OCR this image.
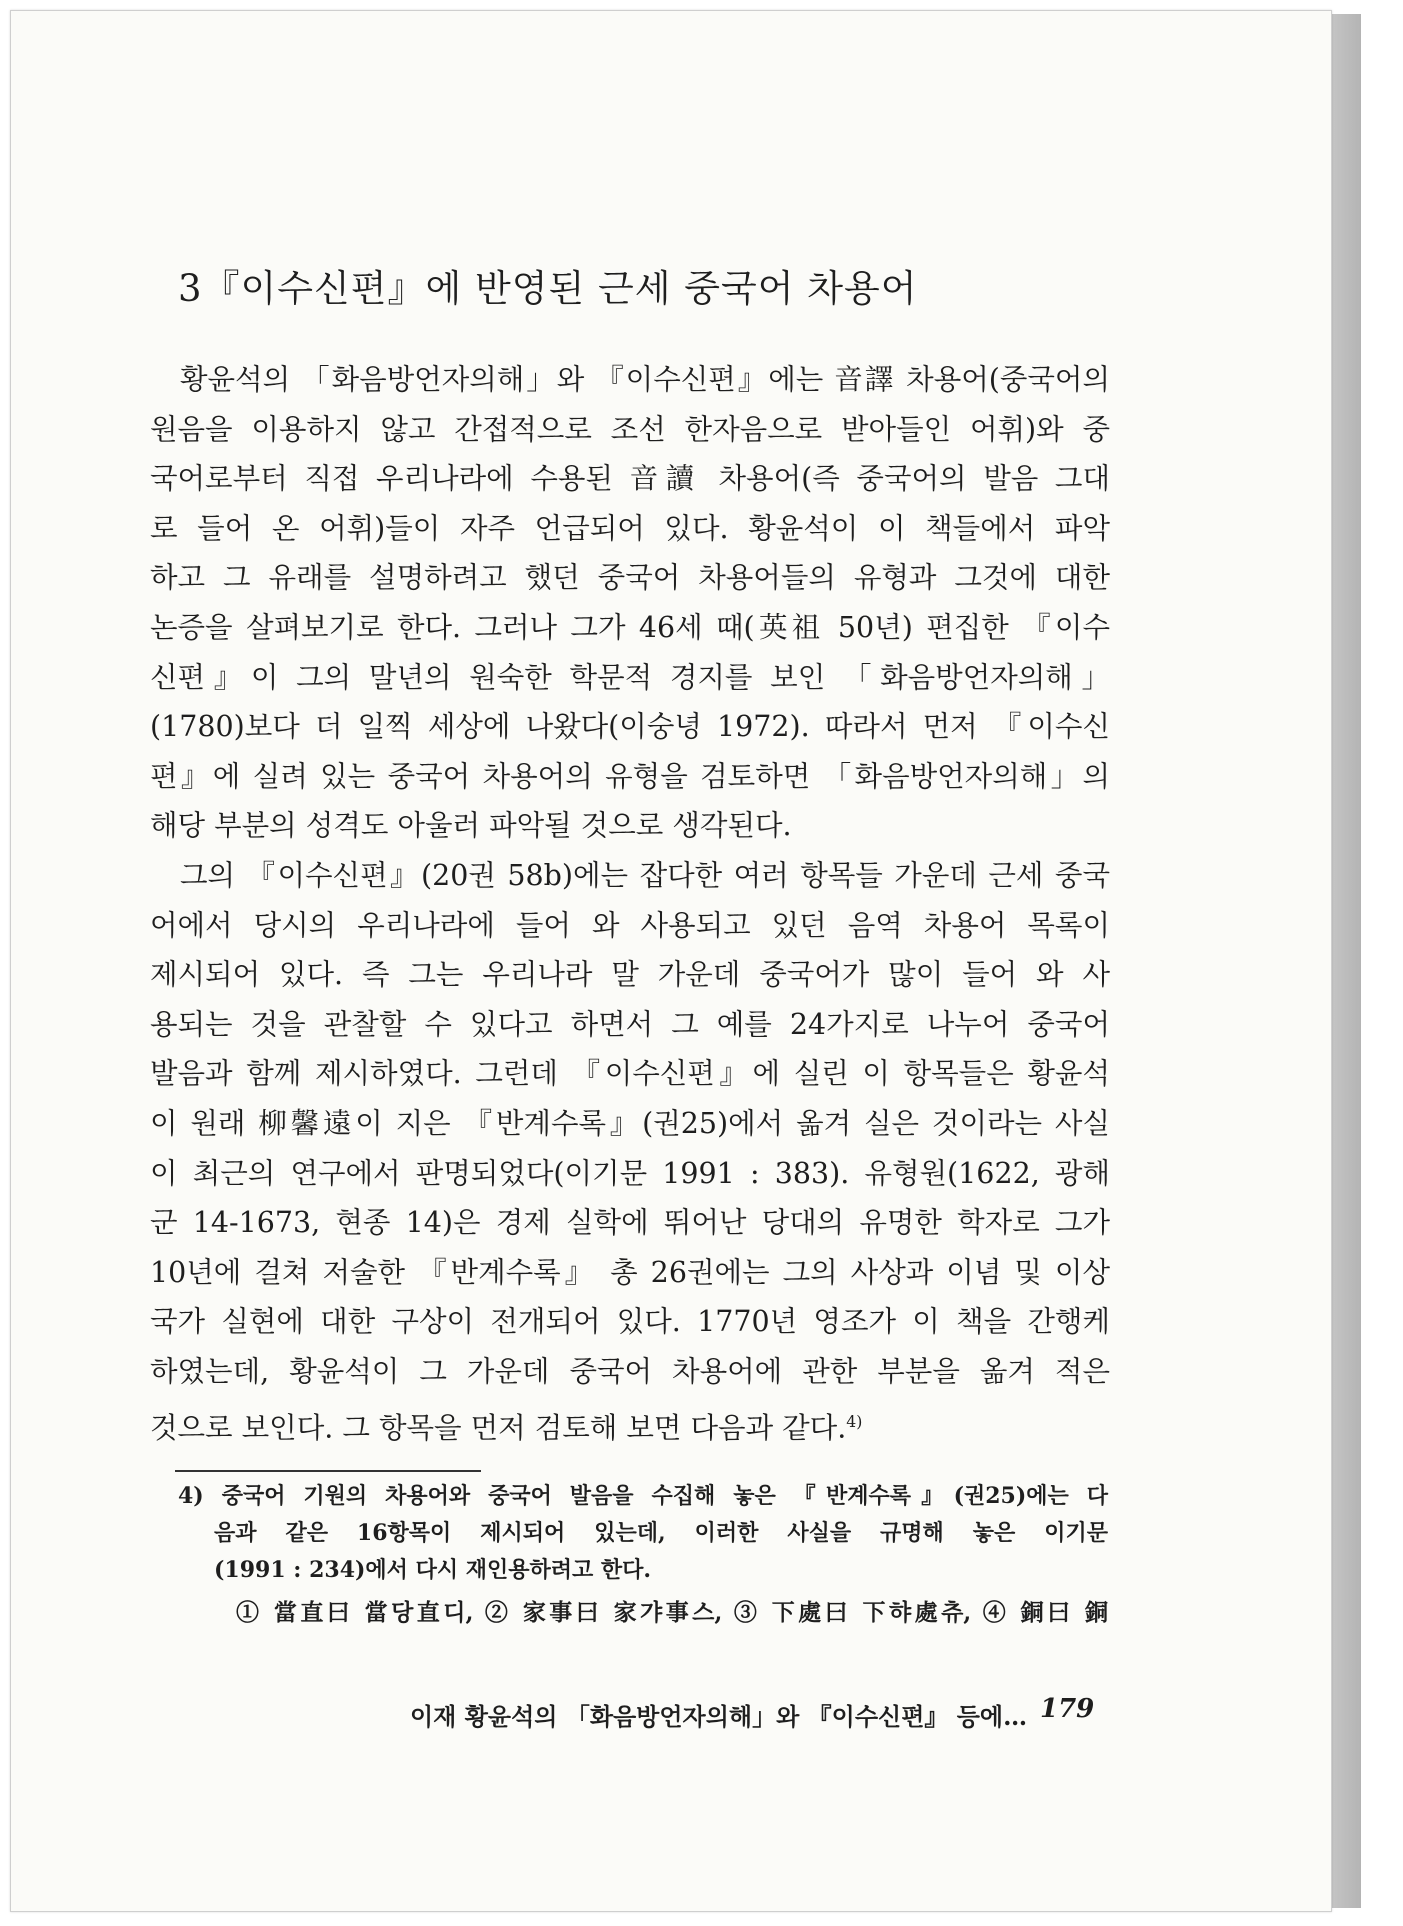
3『이수신편』에 반영된 근세 중국어 차용어
황윤석의 「화음방언자의해」와 『이수신편』에는 音譯 차용어(중국어의
원음을 이용하지 않고 간접적으로 조선 한자음으로 받아들인 어휘)와 중
국어로부터 직접 우리나라에 수용된 音讀 차용어(즉 중국어의 발음 그대
로 들어 온 어휘)들이 자주 언급되어 있다. 황윤석이 이 책들에서 파악
하고 그 유래를 설명하려고 했던 중국어 차용어들의 유형과 그것에 대한
논증을 살펴보기로 한다. 그러나 그가 46세 때(英祖 50년) 편집한 『이수
신편』이 그의 말년의 원숙한 학문적 경지를 보인 「화음방언자의해」
(1780)보다 더 일찍 세상에 나왔다(이숭녕 1972). 따라서 먼저 『이수신
편』에 실려 있는 중국어 차용어의 유형을 검토하면 「화음방언자의해」의
해당 부분의 성격도 아울러 파악될 것으로 생각된다.
그의 『이수신편』(20권 58b)에는 잡다한 여러 항목들 가운데 근세 중국
어에서 당시의 우리나라에 들어 와 사용되고 있던 음역 차용어 목록이
제시되어 있다. 즉 그는 우리나라 말 가운데 중국어가 많이 들어 와 사
용되는 것을 관찰할 수 있다고 하면서 그 예를 24가지로 나누어 중국어
발음과 함께 제시하였다. 그런데 『이수신편』에 실린 이 항목들은 황윤석
이 원래 柳馨遠이 지은 『반계수록』(권25)에서 옮겨 실은 것이라는 사실
이 최근의 연구에서 판명되었다(이기문 1991 : 383). 유형원(1622, 광해
군 14-1673, 현종 14)은 경제 실학에 뛰어난 당대의 유명한 학자로 그가
10년에 걸쳐 저술한 『반계수록』 총 26권에는 그의 사상과 이념 및 이상
국가 실현에 대한 구상이 전개되어 있다. 1770년 영조가 이 책을 간행케
하였는데, 황윤석이 그 가운데 중국어 차용어에 관한 부분을 옮겨 적은
것으로 보인다. 그 항목을 먼저 검토해 보면 다음과 같다.$^{4)}$
4) 중국어 기원의 차용어와 중국어 발음을 수집해 놓은 『반계수록』(권25)에는 다
음과 같은 16항목이 제시되어 있는데, 이러한 사실을 규명해 놓은 이기문
(1991 : 234)에서 다시 재인용하려고 한다.
① 當直曰 當당直디, ② 家事曰 家갸事스, ③ 下處曰 下햐處츄, ④ 銅曰 銅
이재 황윤석의 「화음방언자의해」와 『이수신편』 등에… 179
